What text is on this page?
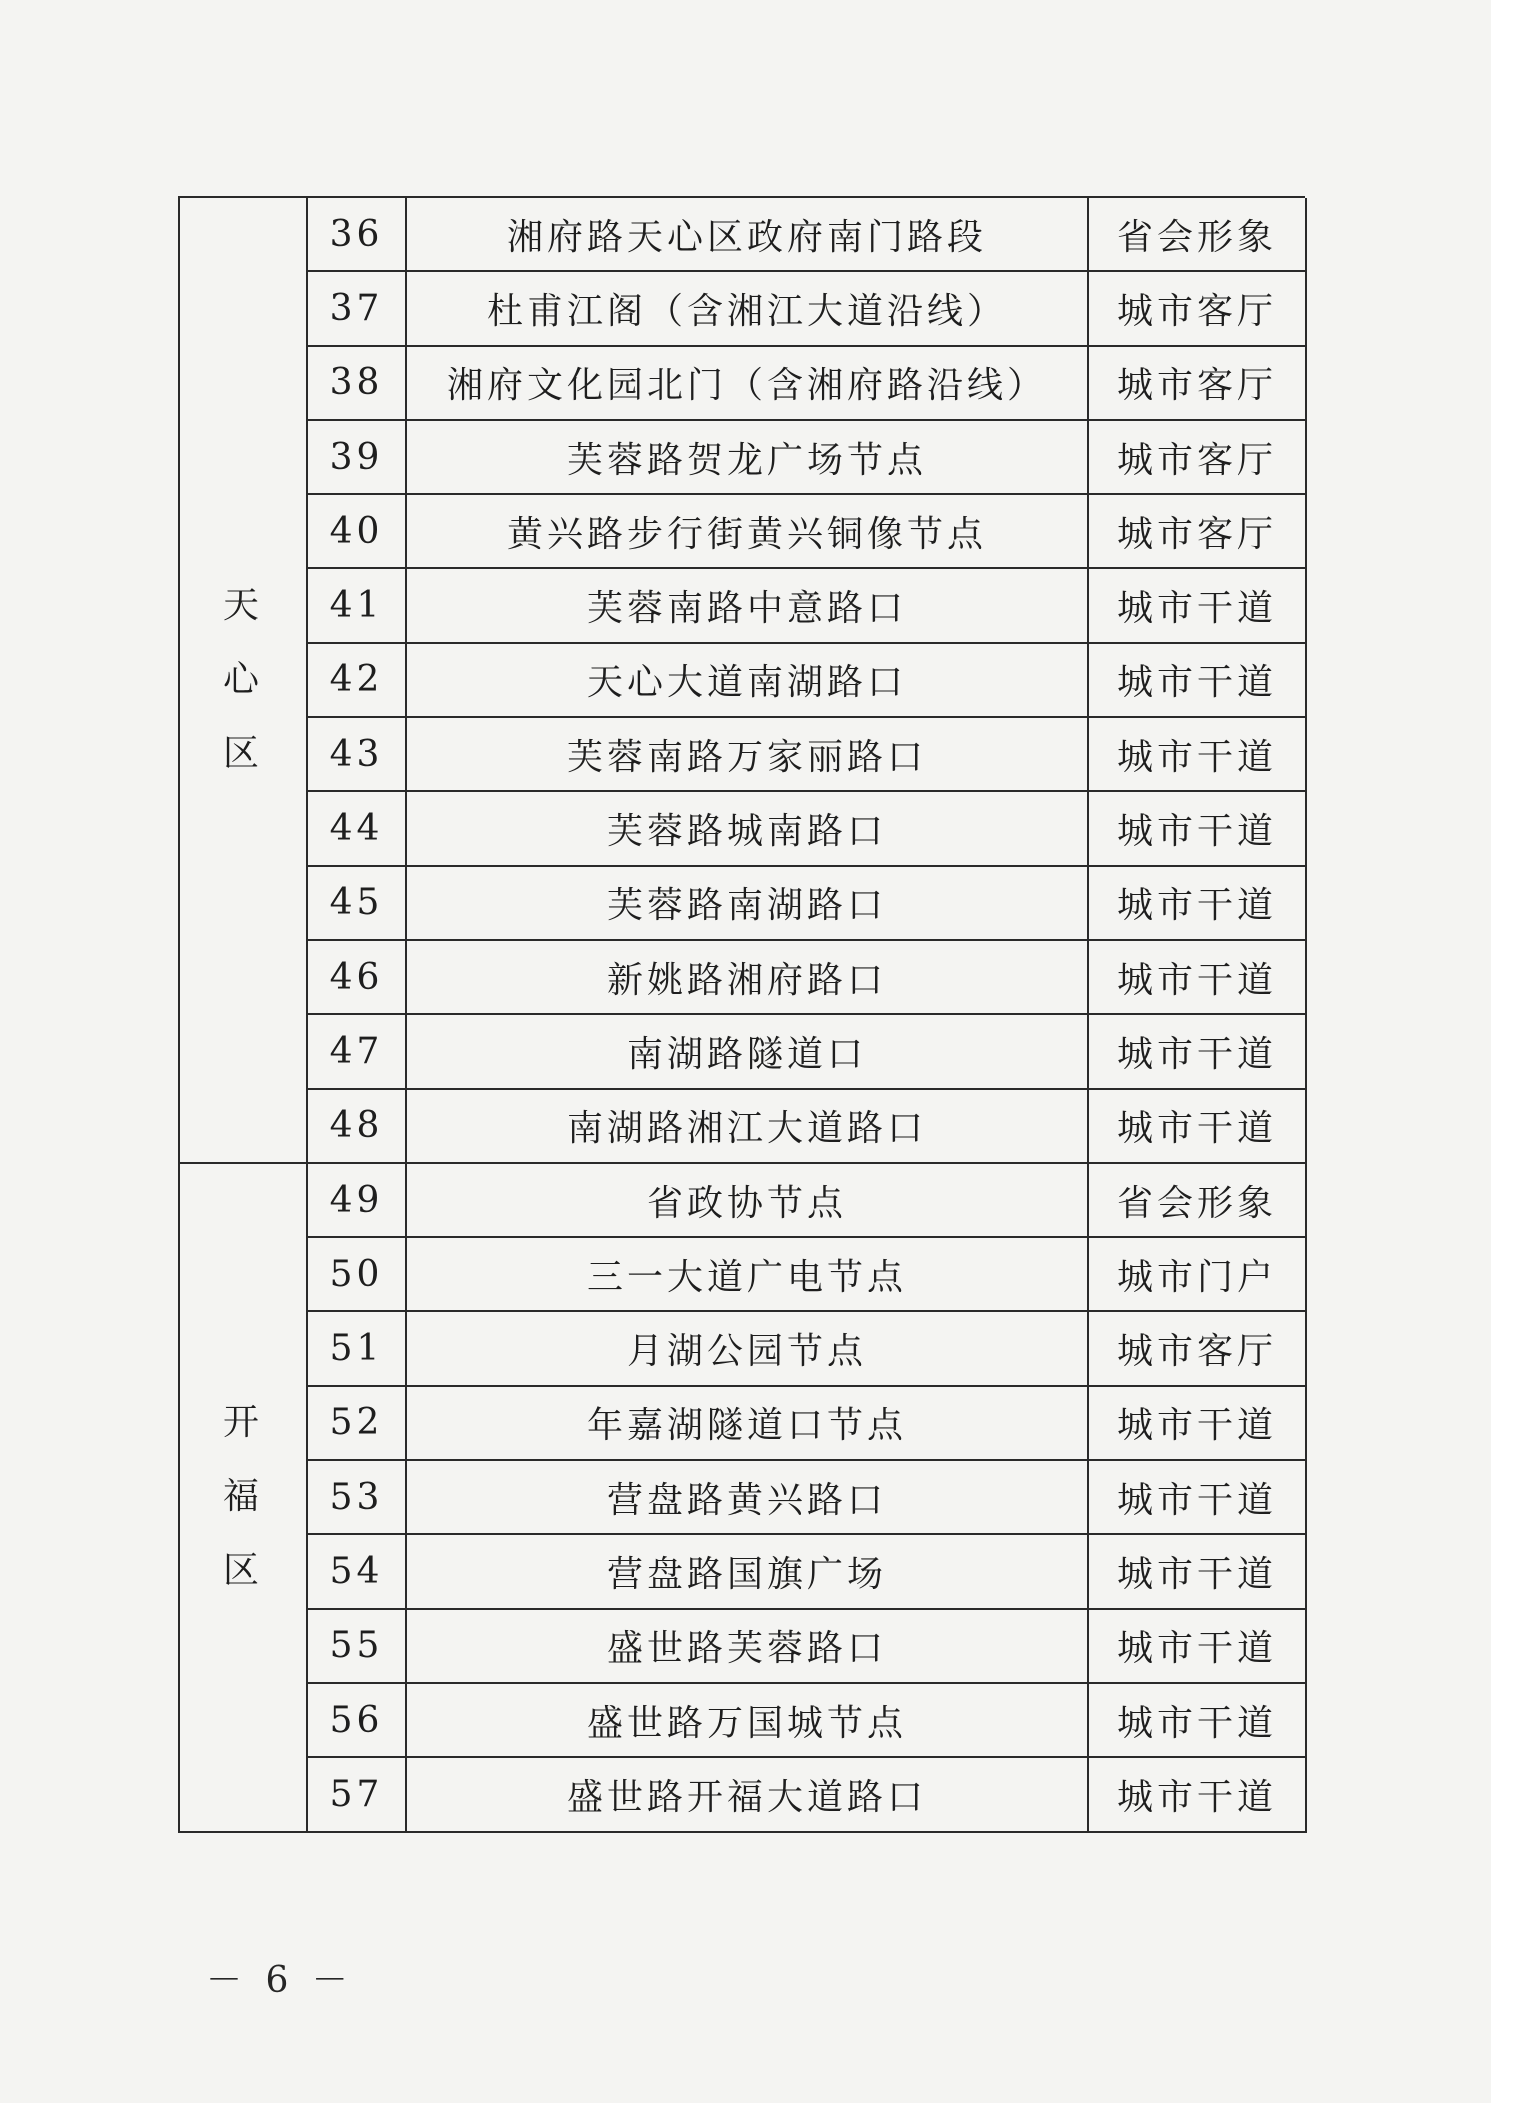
天
心
区	36	湘府路天心区政府南门路段	省会形象
	37	杜甫江阁（含湘江大道沿线）	城市客厅
	38	湘府文化园北门（含湘府路沿线）	城市客厅
	39	芙蓉路贺龙广场节点	城市客厅
	40	黄兴路步行街黄兴铜像节点	城市客厅
	41	芙蓉南路中意路口	城市干道
	42	天心大道南湖路口	城市干道
	43	芙蓉南路万家丽路口	城市干道
	44	芙蓉路城南路口	城市干道
	45	芙蓉路南湖路口	城市干道
	46	新姚路湘府路口	城市干道
	47	南湖路隧道口	城市干道
	48	南湖路湘江大道路口	城市干道

开
福
区	49	省政协节点	省会形象
	50	三一大道广电节点	城市门户
	51	月湖公园节点	城市客厅
	52	年嘉湖隧道口节点	城市干道
	53	营盘路黄兴路口	城市干道
	54	营盘路国旗广场	城市干道
	55	盛世路芙蓉路口	城市干道
	56	盛世路万国城节点	城市干道
	57	盛世路开福大道路口	城市干道
－ 6 －
